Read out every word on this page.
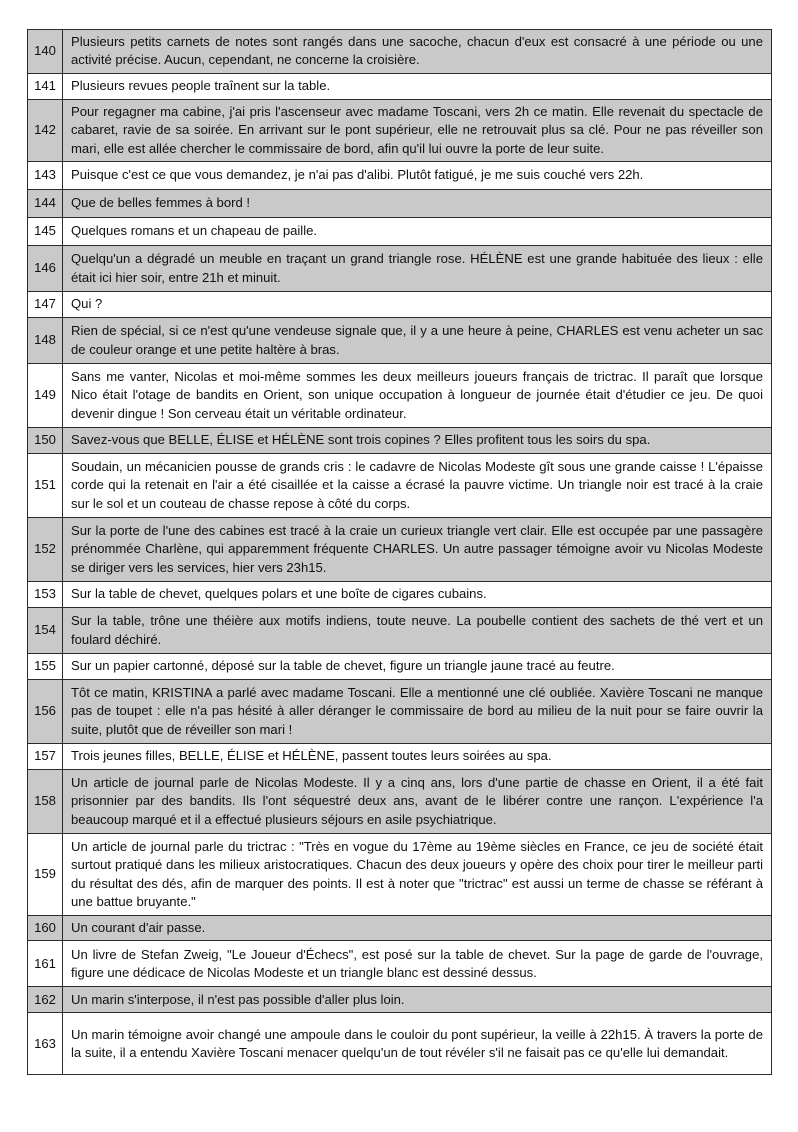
140	Plusieurs petits carnets de notes sont rangés dans une sacoche, chacun d'eux est consacré à une période ou une activité précise. Aucun, cependant, ne concerne la croisière.
141	Plusieurs revues people traînent sur la table.
142	Pour regagner ma cabine, j'ai pris l'ascenseur avec madame Toscani, vers 2h ce matin. Elle revenait du spectacle de cabaret, ravie de sa soirée. En arrivant sur le pont supérieur, elle ne retrouvait plus sa clé. Pour ne pas réveiller son mari, elle est allée chercher le commissaire de bord, afin qu'il lui ouvre la porte de leur suite.
143	Puisque c'est ce que vous demandez, je n'ai pas d'alibi. Plutôt fatigué, je me suis couché vers 22h.
144	Que de belles femmes à bord !
145	Quelques romans et un chapeau de paille.
146	Quelqu'un a dégradé un meuble en traçant un grand triangle rose. HÉLÈNE est une grande habituée des lieux : elle était ici hier soir, entre 21h et minuit.
147	Qui ?
148	Rien de spécial, si ce n'est qu'une vendeuse signale que, il y a une heure à peine, CHARLES est venu acheter un sac de couleur orange et une petite haltère à bras.
149	Sans me vanter, Nicolas et moi-même sommes les deux meilleurs joueurs français de trictrac. Il paraît que lorsque Nico était l'otage de bandits en Orient, son unique occupation à longueur de journée était d'étudier ce jeu. De quoi devenir dingue ! Son cerveau était un véritable ordinateur.
150	Savez-vous que BELLE, ÉLISE et HÉLÈNE sont trois copines ? Elles profitent tous les soirs du spa.
151	Soudain, un mécanicien pousse de grands cris : le cadavre de Nicolas Modeste gît sous une grande caisse ! L'épaisse corde qui la retenait en l'air a été cisaillée et la caisse a écrasé la pauvre victime. Un triangle noir est tracé à la craie sur le sol et un couteau de chasse repose à côté du corps.
152	Sur la porte de l'une des cabines est tracé à la craie un curieux triangle vert clair. Elle est occupée par une passagère prénommée Charlène, qui apparemment fréquente CHARLES. Un autre passager témoigne avoir vu Nicolas Modeste se diriger vers les services, hier vers 23h15.
153	Sur la table de chevet, quelques polars et une boîte de cigares cubains.
154	Sur la table, trône une théière aux motifs indiens, toute neuve. La poubelle contient des sachets de thé vert et un foulard déchiré.
155	Sur un papier cartonné, déposé sur la table de chevet, figure un triangle jaune tracé au feutre.
156	Tôt ce matin, KRISTINA a parlé avec madame Toscani. Elle a mentionné une clé oubliée. Xavière Toscani ne manque pas de toupet : elle n'a pas hésité à aller déranger le commissaire de bord au milieu de la nuit pour se faire ouvrir la suite, plutôt que de réveiller son mari !
157	Trois jeunes filles, BELLE, ÉLISE et HÉLÈNE, passent toutes leurs soirées au spa.
158	Un article de journal parle de Nicolas Modeste. Il y a cinq ans, lors d'une partie de chasse en Orient, il a été fait prisonnier par des bandits. Ils l'ont séquestré deux ans, avant de le libérer contre une rançon. L'expérience l'a beaucoup marqué et il a effectué plusieurs séjours en asile psychiatrique.
159	Un article de journal parle du trictrac : "Très en vogue du 17ème au 19ème siècles en France, ce jeu de société était surtout pratiqué dans les milieux aristocratiques. Chacun des deux joueurs y opère des choix pour tirer le meilleur parti du résultat des dés, afin de marquer des points. Il est à noter que "trictrac" est aussi un terme de chasse se référant à une battue bruyante."
160	Un courant d'air passe.
161	Un livre de Stefan Zweig, "Le Joueur d'Échecs", est posé sur la table de chevet. Sur la page de garde de l'ouvrage, figure une dédicace de Nicolas Modeste et un triangle blanc est dessiné dessus.
162	Un marin s'interpose, il n'est pas possible d'aller plus loin.
163	Un marin témoigne avoir changé une ampoule dans le couloir du pont supérieur, la veille à 22h15. À travers la porte de la suite, il a entendu Xavière Toscani menacer quelqu'un de tout révéler s'il ne faisait pas ce qu'elle lui demandait.
